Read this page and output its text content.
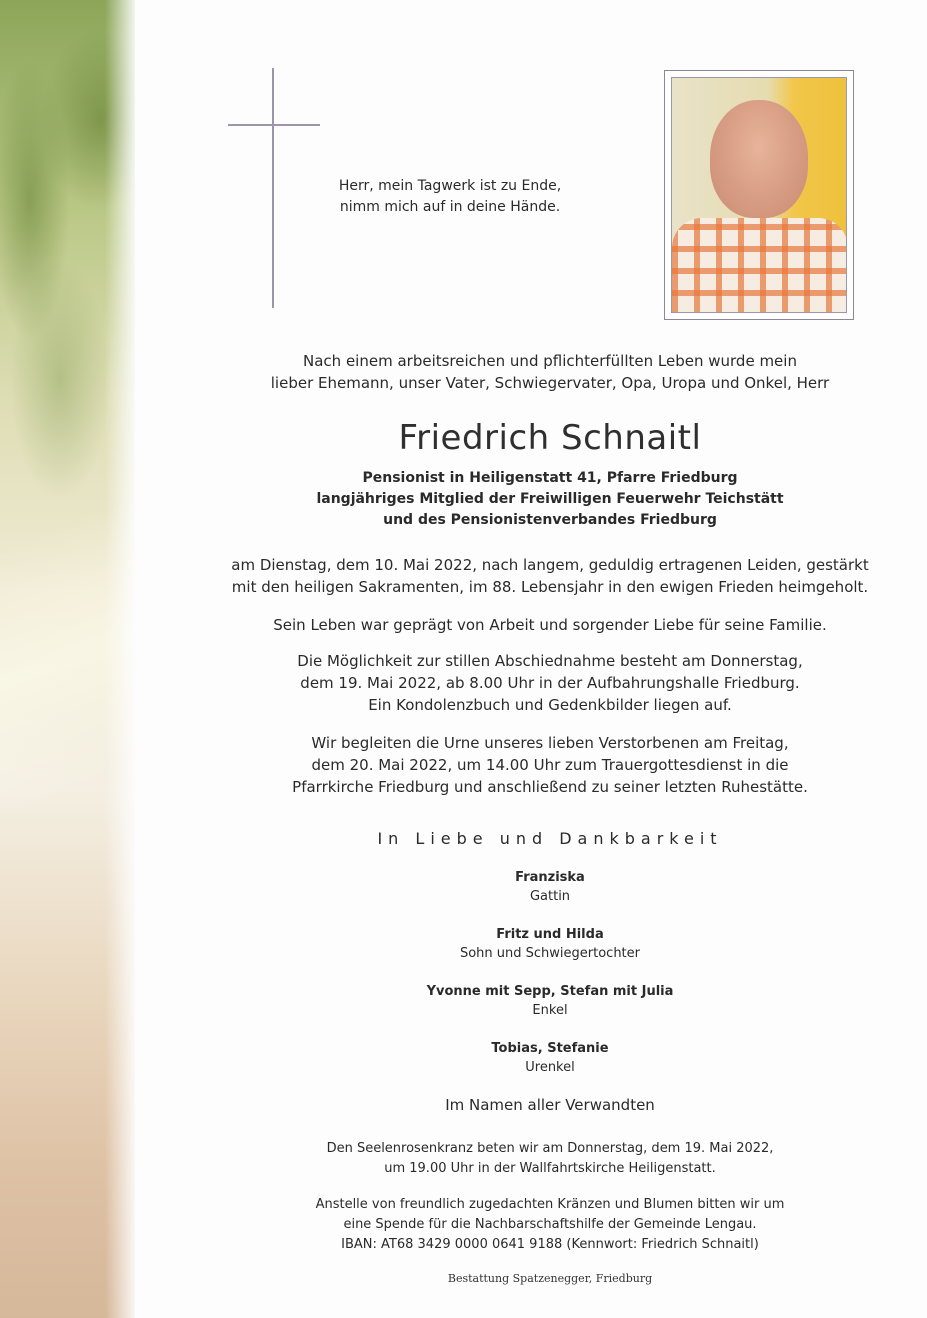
Herr, mein Tagwerk ist zu Ende,
nimm mich auf in deine Hände.
Nach einem arbeitsreichen und pflichterfüllten Leben wurde mein
lieber Ehemann, unser Vater, Schwiegervater, Opa, Uropa und Onkel, Herr
Friedrich Schnaitl
Pensionist in Heiligenstatt 41, Pfarre Friedburg
langjähriges Mitglied der Freiwilligen Feuerwehr Teichstätt
und des Pensionistenverbandes Friedburg
am Dienstag, dem 10. Mai 2022, nach langem, geduldig ertragenen Leiden, gestärkt
mit den heiligen Sakramenten, im 88. Lebensjahr in den ewigen Frieden heimgeholt.
Sein Leben war geprägt von Arbeit und sorgender Liebe für seine Familie.
Die Möglichkeit zur stillen Abschiednahme besteht am Donnerstag,
dem 19. Mai 2022, ab 8.00 Uhr in der Aufbahrungshalle Friedburg.
Ein Kondolenzbuch und Gedenkbilder liegen auf.
Wir begleiten die Urne unseres lieben Verstorbenen am Freitag,
dem 20. Mai 2022, um 14.00 Uhr zum Trauergottesdienst in die
Pfarrkirche Friedburg und anschließend zu seiner letzten Ruhestätte.
In Liebe und Dankbarkeit
Franziska
Gattin
Fritz und Hilda
Sohn und Schwiegertochter
Yvonne mit Sepp, Stefan mit Julia
Enkel
Tobias, Stefanie
Urenkel
Im Namen aller Verwandten
Den Seelenrosenkranz beten wir am Donnerstag, dem 19. Mai 2022,
um 19.00 Uhr in der Wallfahrtskirche Heiligenstatt.
Anstelle von freundlich zugedachten Kränzen und Blumen bitten wir um
eine Spende für die Nachbarschaftshilfe der Gemeinde Lengau.
IBAN: AT68 3429 0000 0641 9188 (Kennwort: Friedrich Schnaitl)
Bestattung Spatzenegger, Friedburg
